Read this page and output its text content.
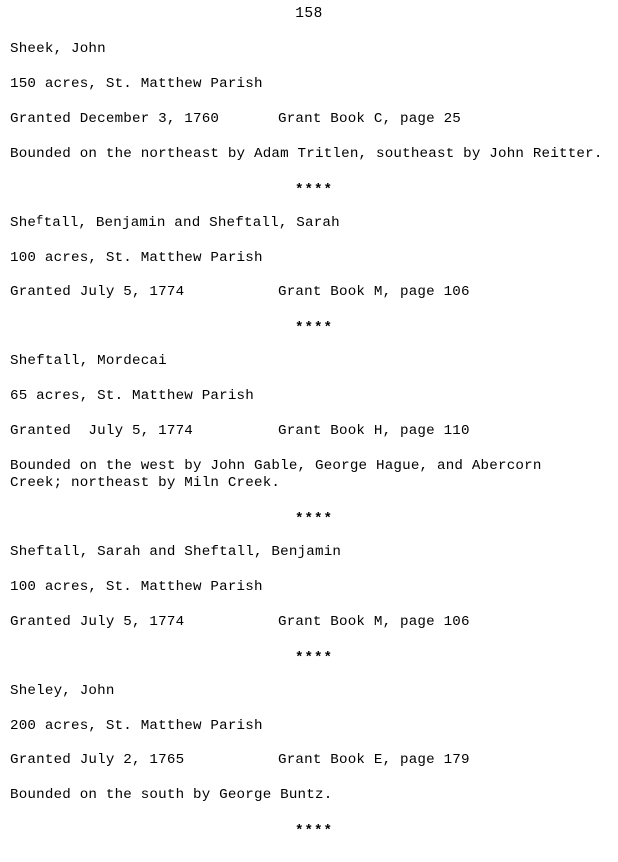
158

Sheek, John

150 acres, St. Matthew Parish

Granted December 3, 1760	Grant Book C, page 25

Bounded on the northeast by Adam Tritlen, southeast by John Reitter.

****

Sheftall, Benjamin and Sheftall, Sarah

100 acres, St. Matthew Parish

Granted July 5, 1774	Grant Book M, page 106

****

Sheftall, Mordecai

65 acres, St. Matthew Parish

Granted  July 5, 1774	Grant Book H, page 110

Bounded on the west by John Gable, George Hague, and Abercorn

Creek; northeast by Miln Creek.

****

Sheftall, Sarah and Sheftall, Benjamin

100 acres, St. Matthew Parish

Granted July 5, 1774	Grant Book M, page 106

****

Sheley, John

200 acres, St. Matthew Parish

Granted July 2, 1765	Grant Book E, page 179

Bounded on the south by George Buntz.

****
